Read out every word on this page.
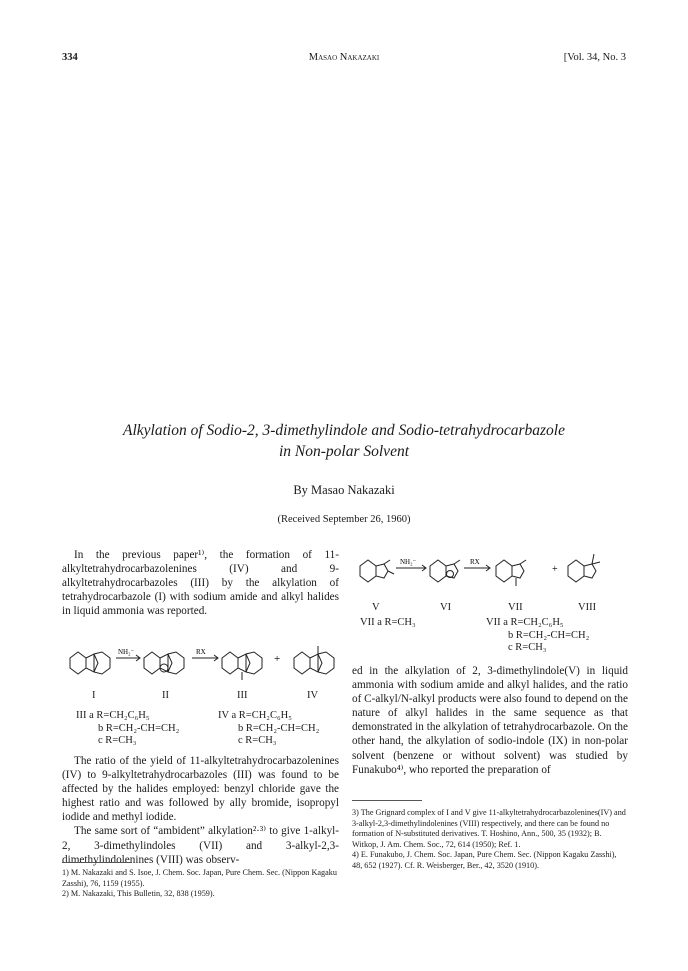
334	Masao Nakazaki	[Vol. 34, No. 3
Alkylation of Sodio-2, 3-dimethylindole and Sodio-tetrahydrocarbazole
in Non-polar Solvent
By Masao Nakazaki
(Received September 26, 1960)

In the previous paper¹⁾, the formation of 11-alkyltetrahydrocarbazolenines (IV) and 9-alkyltetrahydrocarbazoles (III) by the alkylation of tetrahydrocarbazole (I) with sodium amide and alkyl halides in liquid ammonia was reported.

NH₂⁻	RX
+
I	II	III	IV
III a R=CH₂C₆H₅	IV a R=CH₂C₆H₅
b R=CH₂-CH=CH₂	b R=CH₂-CH=CH₂
c R=CH₃	c R=CH₃

The ratio of the yield of 11-alkyltetrahydrocarbazolenines (IV) to 9-alkyltetrahydrocarbazoles (III) was found to be affected by the halides employed: benzyl chloride gave the highest ratio and was followed by ally bromide, isopropyl iodide and methyl iodide.

The same sort of “ambident” alkylation²·³⁾ to give 1-alkyl-2, 3-dimethylindoles (VII) and 3-alkyl-2,3-dimethylindolenines (VIII) was observ-

1) M. Nakazaki and S. Isoe, J. Chem. Soc. Japan, Pure Chem. Sec. (Nippon Kagaku Zasshi), 76, 1159 (1955).

2) M. Nakazaki, This Bulletin, 32, 838 (1959).

NH₂⁻	RX
+
V	VI	VII	VIII
VII a R=CH₃	VII a R=CH₂C₆H₅
b R=CH₂-CH=CH₂
c R=CH₃

ed in the alkylation of 2, 3-dimethylindole(V) in liquid ammonia with sodium amide and alkyl halides, and the ratio of C-alkyl/N-alkyl products were also found to depend on the nature of alkyl halides in the same sequence as that demonstrated in the alkylation of tetrahydrocarbazole. On the other hand, the alkylation of sodio-indole (IX) in non-polar solvent (benzene or without solvent) was studied by Funakubo⁴⁾, who reported the preparation of

3) The Grignard complex of I and V give 11-alkyltetrahydrocarbazolenines(IV) and 3-alkyl-2,3-dimethylindolenines (VIII) respectively, and there can be found no formation of N-substituted derivatives. T. Hoshino, Ann., 500, 35 (1932); B. Witkop, J. Am. Chem. Soc., 72, 614 (1950); Ref. 1.

4) E. Funakubo, J. Chem. Soc. Japan, Pure Chem. Sec. (Nippon Kagaku Zasshi), 48, 652 (1927). Cf. R. Weisberger, Ber., 42, 3520 (1910).
